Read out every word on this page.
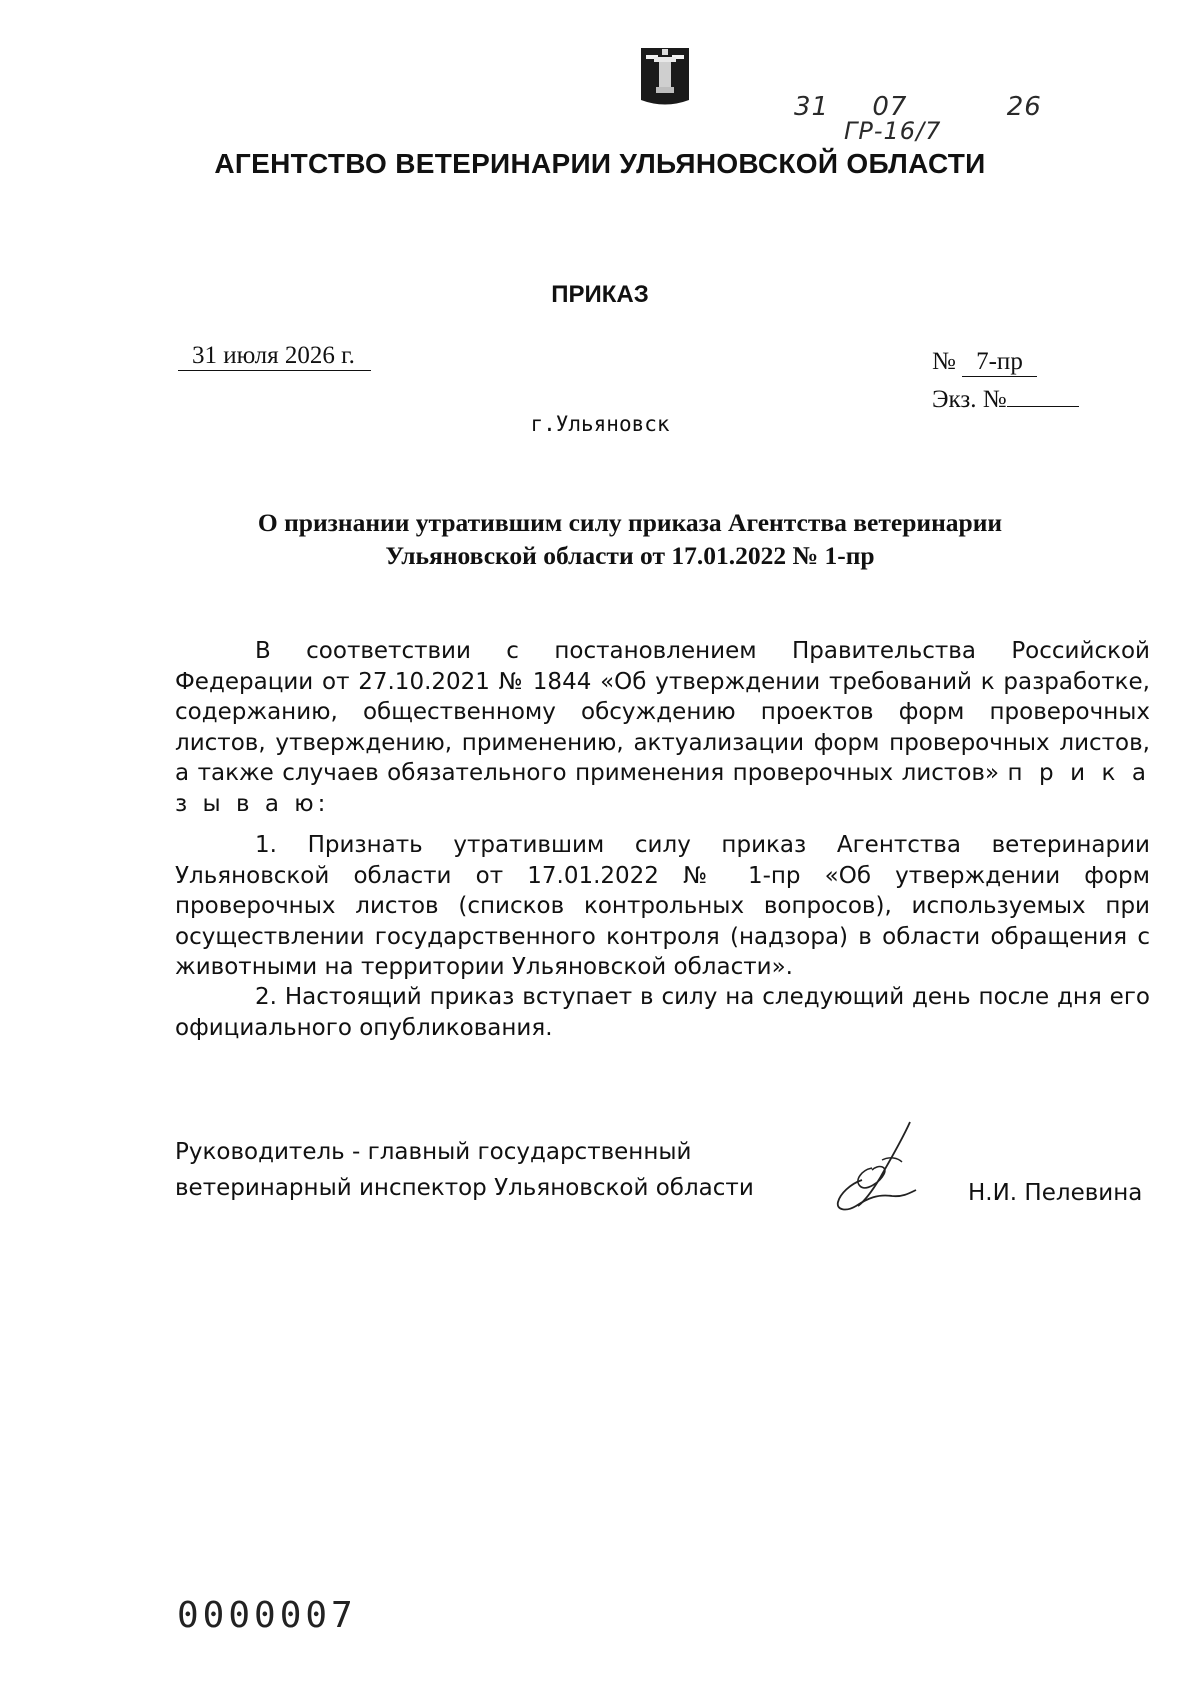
31 07	26
ГР-16/7
АГЕНТСТВО ВЕТЕРИНАРИИ УЛЬЯНОВСКОЙ ОБЛАСТИ
ПРИКАЗ
31 июля 2026 г.	№ 7-пр
Экз. №
г.Ульяновск
О признании утратившим силу приказа Агентства ветеринарии
Ульяновской области от 17.01.2022 № 1-пр
В соответствии с постановлением Правительства Российской Федерации от 27.10.2021 № 1844 «Об утверждении требований к разработке, содержанию, общественному обсуждению проектов форм проверочных листов, утверждению, применению, актуализации форм проверочных листов, а также случаев обязательного применения проверочных листов» п р и к а з ы в а ю:
1. Признать утратившим силу приказ Агентства ветеринарии Ульяновской области от 17.01.2022 № 1-пр «Об утверждении форм проверочных листов (списков контрольных вопросов), используемых при осуществлении государственного контроля (надзора) в области обращения с животными на территории Ульяновской области».
2. Настоящий приказ вступает в силу на следующий день после дня его официального опубликования.
Руководитель - главный государственный
ветеринарный инспектор Ульяновской области	Н.И. Пелевина
0000007
